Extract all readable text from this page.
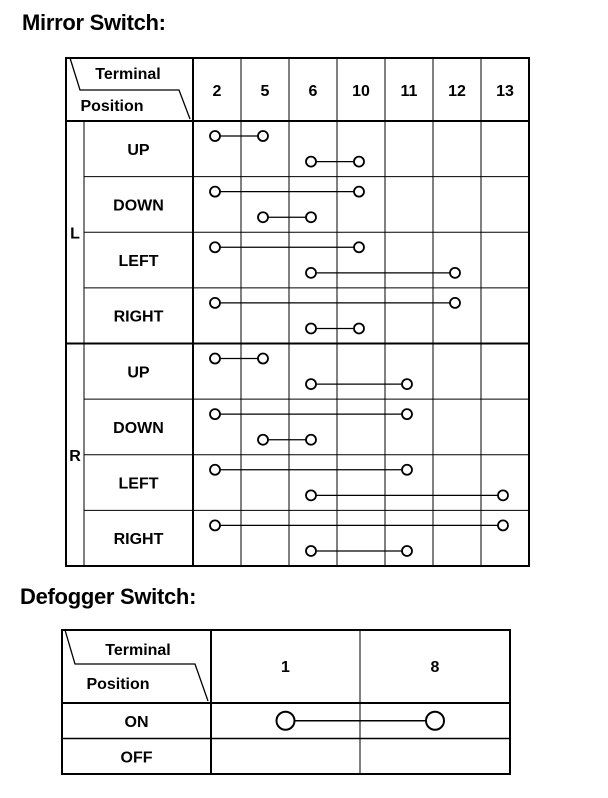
Mirror Switch:
Defogger Switch:
Terminal
Position
2 5 6 10 11 12 13
UP
DOWN
LEFT
RIGHT
UP
DOWN
LEFT
RIGHT
L
R
Terminal
Position
1	8
ON
OFF
